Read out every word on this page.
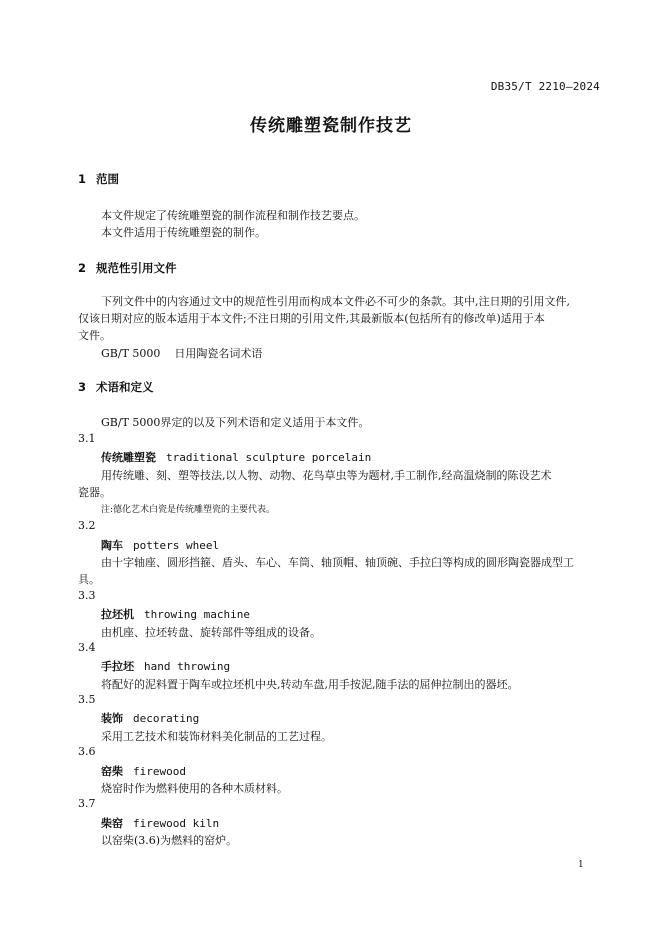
DB35/T 2210—2024
传统雕塑瓷制作技艺
1 范围
本文件规定了传统雕塑瓷的制作流程和制作技艺要点。
本文件适用于传统雕塑瓷的制作。
2 规范性引用文件
下列文件中的内容通过文中的规范性引用而构成本文件必不可少的条款。其中,注日期的引用文件,
仅该日期对应的版本适用于本文件;不注日期的引用文件,其最新版本(包括所有的修改单)适用于本
文件。
GB/T 5000 日用陶瓷名词术语
3 术语和定义
GB/T 5000界定的以及下列术语和定义适用于本文件。
3.1
传统雕塑瓷 traditional sculpture porcelain
用传统雕、刻、塑等技法,以人物、动物、花鸟草虫等为题材,手工制作,经高温烧制的陈设艺术
瓷器。
注:德化艺术白瓷是传统雕塑瓷的主要代表。
3.2
陶车 potters wheel
由十字轴座、圆形挡箍、盾头、车心、车筒、轴顶帽、轴顶碗、手拉臼等构成的圆形陶瓷器成型工
具。
3.3
拉坯机 throwing machine
由机座、拉坯转盘、旋转部件等组成的设备。
3.4
手拉坯 hand throwing
将配好的泥料置于陶车或拉坯机中央,转动车盘,用手按泥,随手法的屈伸拉制出的器坯。
3.5
装饰 decorating
采用工艺技术和装饰材料美化制品的工艺过程。
3.6
窑柴 firewood
烧窑时作为燃料使用的各种木质材料。
3.7
柴窑 firewood kiln
以窑柴(3.6)为燃料的窑炉。
1
